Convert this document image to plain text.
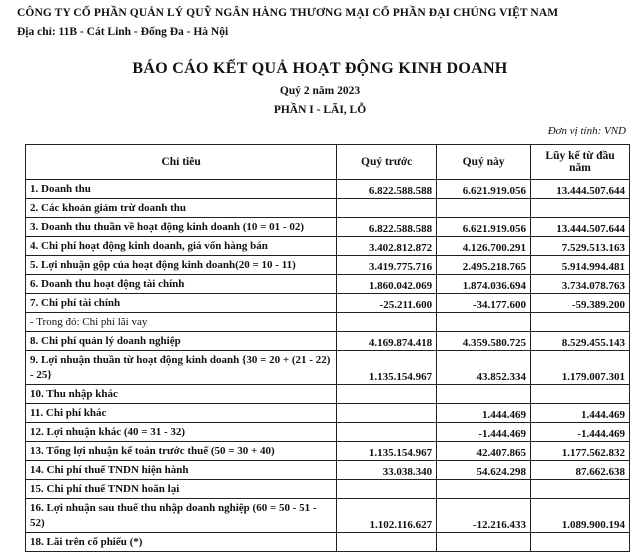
CÔNG TY CỔ PHẦN QUẢN LÝ QUỸ NGÂN HÀNG THƯƠNG MẠI CỔ PHẦN ĐẠI CHÚNG VIỆT NAM
Địa chỉ: 11B - Cát Linh - Đống Đa - Hà Nội
BÁO CÁO KẾT QUẢ HOẠT ĐỘNG KINH DOANH
Quý 2 năm 2023
PHẦN I - LÃI, LỖ
Đơn vị tính: VND
Chỉ tiêu	Quý trước	Quý này	Lũy kế từ đầu năm
1. Doanh thu	6.822.588.588	6.621.919.056	13.444.507.644
2. Các khoản giảm trừ doanh thu			
3. Doanh thu thuần về hoạt động kinh doanh (10 = 01 - 02)	6.822.588.588	6.621.919.056	13.444.507.644
4. Chi phí hoạt động kinh doanh, giá vốn hàng bán	3.402.812.872	4.126.700.291	7.529.513.163
5. Lợi nhuận gộp của hoạt động kinh doanh(20 = 10 - 11)	3.419.775.716	2.495.218.765	5.914.994.481
6. Doanh thu hoạt động tài chính	1.860.042.069	1.874.036.694	3.734.078.763
7. Chi phí tài chính	-25.211.600	-34.177.600	-59.389.200
- Trong đó: Chi phí lãi vay			
8. Chi phí quản lý doanh nghiệp	4.169.874.418	4.359.580.725	8.529.455.143
9. Lợi nhuận thuần từ hoạt động kinh doanh {30 = 20 + (21 - 22) - 25}	1.135.154.967	43.852.334	1.179.007.301
10. Thu nhập khác			
11. Chi phí khác		1.444.469	1.444.469
12. Lợi nhuận khác (40 = 31 - 32)		-1.444.469	-1.444.469
13. Tổng lợi nhuận kế toán trước thuế (50 = 30 + 40)	1.135.154.967	42.407.865	1.177.562.832
14. Chi phí thuế TNDN hiện hành	33.038.340	54.624.298	87.662.638
15. Chi phí thuế TNDN hoãn lại			
16. Lợi nhuận sau thuế thu nhập doanh nghiệp (60 = 50 - 51 - 52)	1.102.116.627	-12.216.433	1.089.900.194
18. Lãi trên cổ phiếu (*)			
